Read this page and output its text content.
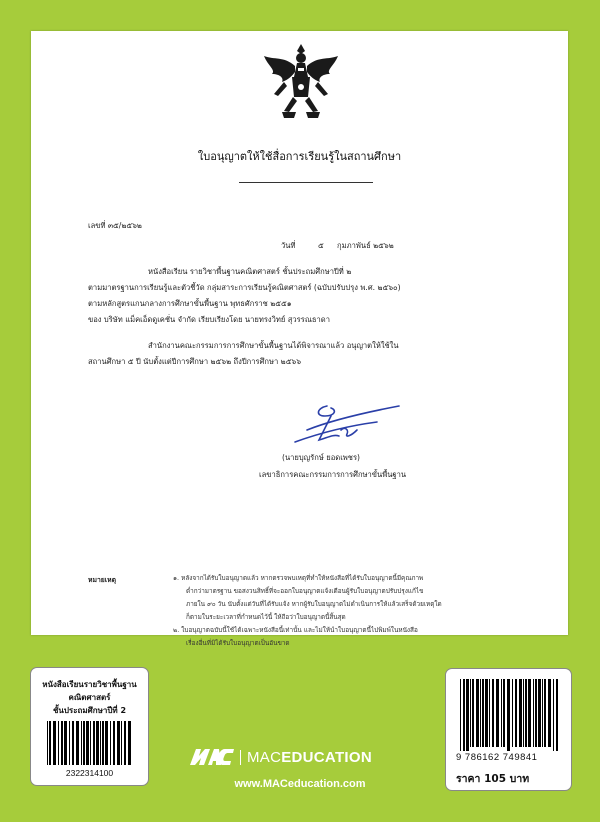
ใบอนุญาตให้ใช้สื่อการเรียนรู้ในสถานศึกษา
เลขที่ ๓๕/๒๕๖๒
วันที่	๕ กุมภาพันธ์ ๒๕๖๒
หนังสือเรียน รายวิชาพื้นฐานคณิตศาสตร์ ชั้นประถมศึกษาปีที่ ๒
ตามมาตรฐานการเรียนรู้และตัวชี้วัด กลุ่มสาระการเรียนรู้คณิตศาสตร์ (ฉบับปรับปรุง พ.ศ. ๒๕๖๐)
ตามหลักสูตรแกนกลางการศึกษาขั้นพื้นฐาน พุทธศักราช ๒๕๕๑
ของ บริษัท แม็คเอ็ดดูเคชั่น จำกัด เรียบเรียงโดย นายทรงวิทย์ สุวรรณธาดา
สำนักงานคณะกรรมการการศึกษาขั้นพื้นฐานได้พิจารณาแล้ว อนุญาตให้ใช้ใน
สถานศึกษา ๕ ปี นับตั้งแต่ปีการศึกษา ๒๕๖๒ ถึงปีการศึกษา ๒๕๖๖
(นายบุญรักษ์ ยอดเพชร)
เลขาธิการคณะกรรมการการศึกษาขั้นพื้นฐาน
หมายเหตุ	๑. หลังจากได้รับใบอนุญาตแล้ว หากตรวจพบเหตุที่ทำให้หนังสือที่ได้รับใบอนุญาตนี้มีคุณภาพ
ต่ำกว่ามาตรฐาน ขอสงวนสิทธิ์ที่จะออกใบอนุญาตแจ้งเตือนผู้รับใบอนุญาตปรับปรุงแก้ไข
ภายใน ๙๐ วัน นับตั้งแต่วันที่ได้รับแจ้ง หากผู้รับใบอนุญาตไม่ดำเนินการให้แล้วเสร็จด้วยเหตุใด
ก็ตามในระยะเวลาที่กำหนดไว้นี้ ให้ถือว่าใบอนุญาตนี้สิ้นสุด
๒. ใบอนุญาตฉบับนี้ใช้ได้เฉพาะหนังสือนี้เท่านั้น และไม่ให้นำใบอนุญาตนี้ไปพิมพ์ในหนังสือ
เรื่องอื่นที่มิได้รับใบอนุญาตเป็นอันขาด
หนังสือเรียนรายวิชาพื้นฐาน
คณิตศาสตร์
ชั้นประถมศึกษาปีที่ 2
2322314100
9 786162 749841
ราคา 105 บาท
MACEDUCATION
www.MACeducation.com
